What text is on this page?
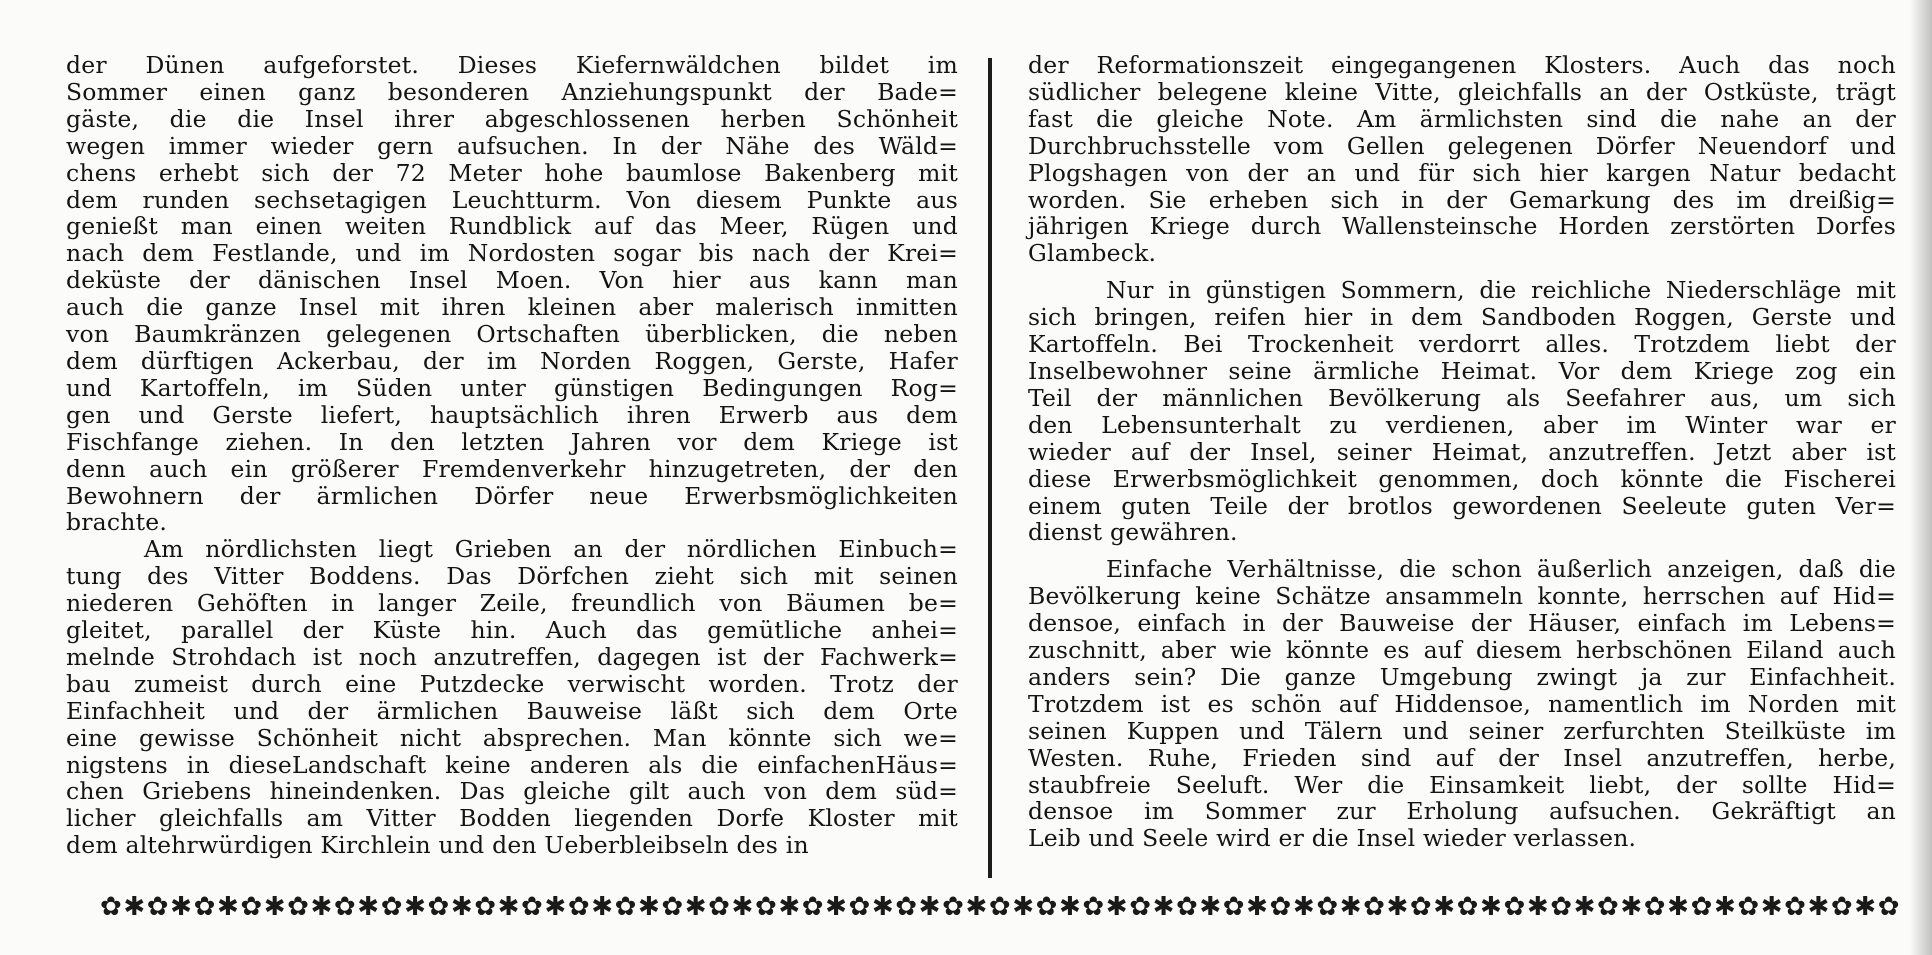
der Dünen aufgeforstet. Dieses Kiefernwäldchen bildet im
Sommer einen ganz besonderen Anziehungspunkt der Bade=
gäste, die die Insel ihrer abgeschlossenen herben Schönheit
wegen immer wieder gern aufsuchen. In der Nähe des Wäld=
chens erhebt sich der 72 Meter hohe baumlose Bakenberg mit
dem runden sechsetagigen Leuchtturm. Von diesem Punkte aus
genießt man einen weiten Rundblick auf das Meer, Rügen und
nach dem Festlande, und im Nordosten sogar bis nach der Krei=
deküste der dänischen Insel Moen. Von hier aus kann man
auch die ganze Insel mit ihren kleinen aber malerisch inmitten
von Baumkränzen gelegenen Ortschaften überblicken, die neben
dem dürftigen Ackerbau, der im Norden Roggen, Gerste, Hafer
und Kartoffeln, im Süden unter günstigen Bedingungen Rog=
gen und Gerste liefert, hauptsächlich ihren Erwerb aus dem
Fischfange ziehen. In den letzten Jahren vor dem Kriege ist
denn auch ein größerer Fremdenverkehr hinzugetreten, der den
Bewohnern der ärmlichen Dörfer neue Erwerbsmöglichkeiten
brachte.
Am nördlichsten liegt Grieben an der nördlichen Einbuch=
tung des Vitter Boddens. Das Dörfchen zieht sich mit seinen
niederen Gehöften in langer Zeile, freundlich von Bäumen be=
gleitet, parallel der Küste hin. Auch das gemütliche anhei=
melnde Strohdach ist noch anzutreffen, dagegen ist der Fachwerk=
bau zumeist durch eine Putzdecke verwischt worden. Trotz der
Einfachheit und der ärmlichen Bauweise läßt sich dem Orte
eine gewisse Schönheit nicht absprechen. Man könnte sich we=
nigstens in dieseLandschaft keine anderen als die einfachenHäus=
chen Griebens hineindenken. Das gleiche gilt auch von dem süd=
licher gleichfalls am Vitter Bodden liegenden Dorfe Kloster mit
dem altehrwürdigen Kirchlein und den Ueberbleibseln des in
der Reformationszeit eingegangenen Klosters. Auch das noch
südlicher belegene kleine Vitte, gleichfalls an der Ostküste, trägt
fast die gleiche Note. Am ärmlichsten sind die nahe an der
Durchbruchsstelle vom Gellen gelegenen Dörfer Neuendorf und
Plogshagen von der an und für sich hier kargen Natur bedacht
worden. Sie erheben sich in der Gemarkung des im dreißig=
jährigen Kriege durch Wallensteinsche Horden zerstörten Dorfes
Glambeck.
Nur in günstigen Sommern, die reichliche Niederschläge mit
sich bringen, reifen hier in dem Sandboden Roggen, Gerste und
Kartoffeln. Bei Trockenheit verdorrt alles. Trotzdem liebt der
Inselbewohner seine ärmliche Heimat. Vor dem Kriege zog ein
Teil der männlichen Bevölkerung als Seefahrer aus, um sich
den Lebensunterhalt zu verdienen, aber im Winter war er
wieder auf der Insel, seiner Heimat, anzutreffen. Jetzt aber ist
diese Erwerbsmöglichkeit genommen, doch könnte die Fischerei
einem guten Teile der brotlos gewordenen Seeleute guten Ver=
dienst gewähren.
Einfache Verhältnisse, die schon äußerlich anzeigen, daß die
Bevölkerung keine Schätze ansammeln konnte, herrschen auf Hid=
densoe, einfach in der Bauweise der Häuser, einfach im Lebens=
zuschnitt, aber wie könnte es auf diesem herbschönen Eiland auch
anders sein? Die ganze Umgebung zwingt ja zur Einfachheit.
Trotzdem ist es schön auf Hiddensoe, namentlich im Norden mit
seinen Kuppen und Tälern und seiner zerfurchten Steilküste im
Westen. Ruhe, Frieden sind auf der Insel anzutreffen, herbe,
staubfreie Seeluft. Wer die Einsamkeit liebt, der sollte Hid=
densoe im Sommer zur Erholung aufsuchen. Gekräftigt an
Leib und Seele wird er die Insel wieder verlassen.
✿ ✱ ✿ ✱ ✿ ✱ ✿ ✱ ✿ ✱ ✿ ✱ ✿ ✱ ✿ ✱ ✿ ✱ ✿ ✱ ✿ ✱ ✿ ✱ ✿ ✱ ✿ ✱ ✿ ✱ ✿ ✱ ✿ ✱ ✿ ✱ ✿ ✱ ✿ ✱ ✿ ✱ ✿ ✱ ✿ ✱ ✿ ✱ ✿ ✱ ✿ ✱ ✿ ✱ ✿ ✱ ✿ ✱ ✿ ✱ ✿ ✱ ✿ ✱ ✿ ✱ ✿ ✱ ✿ ✱ ✿ ✱ ✿ ✱ ✿ ✱ ✿
